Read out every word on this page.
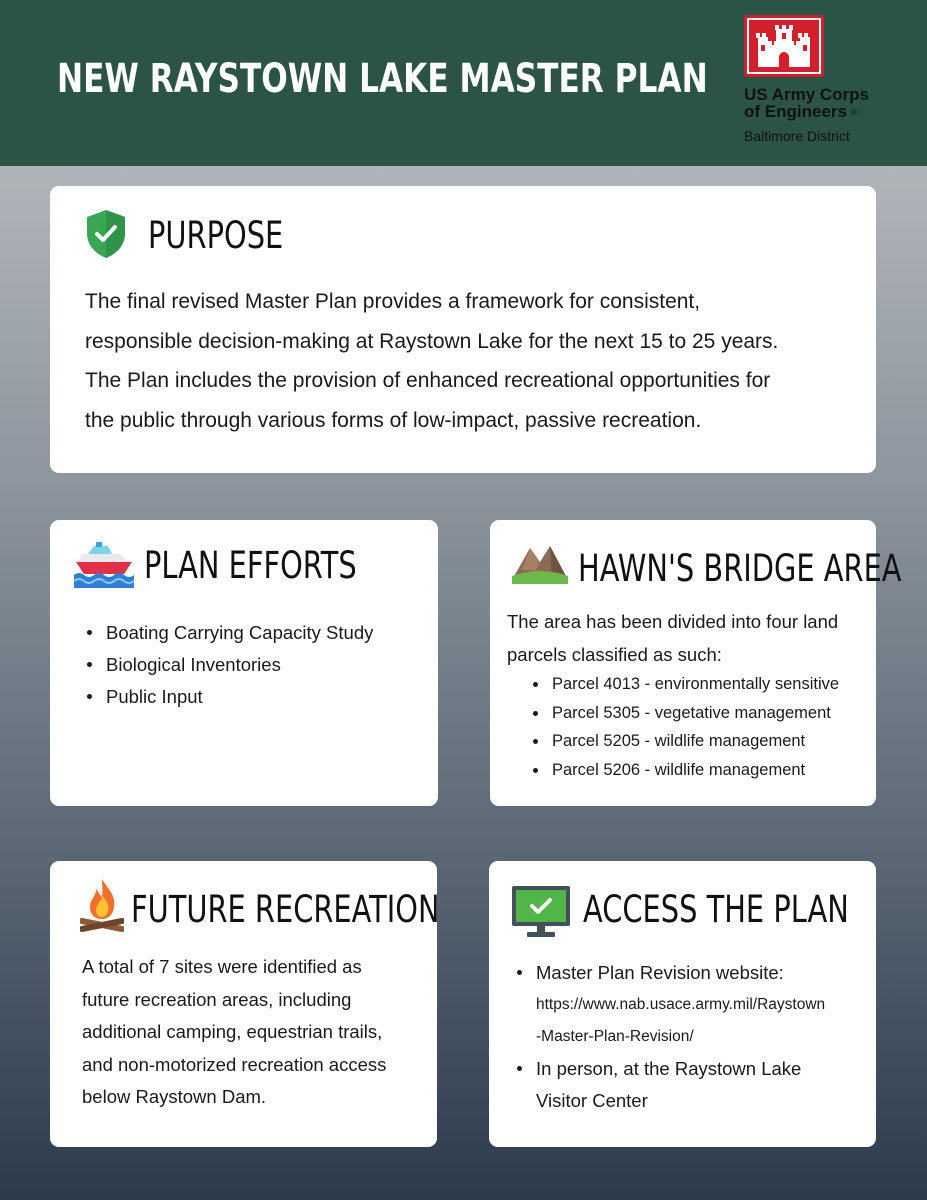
NEW RAYSTOWN LAKE MASTER PLAN US Army Corps
of Engineers ®
Baltimore District
PURPOSE
The final revised Master Plan provides a framework for consistent,
responsible decision-making at Raystown Lake for the next 15 to 25 years.
The Plan includes the provision of enhanced recreational opportunities for
the public through various forms of low-impact, passive recreation.
PLAN EFFORTS
Boating Carrying Capacity Study
Biological Inventories
Public Input
HAWN'S BRIDGE AREA
The area has been divided into four land
parcels classified as such:
Parcel 4013 - environmentally sensitive
Parcel 5305 - vegetative management
Parcel 5205 - wildlife management
Parcel 5206 - wildlife management
FUTURE RECREATION
A total of 7 sites were identified as
future recreation areas, including
additional camping, equestrian trails,
and non-motorized recreation access
below Raystown Dam.
ACCESS THE PLAN
Master Plan Revision website:
https://www.nab.usace.army.mil/Raystown
-Master-Plan-Revision/
In person, at the Raystown Lake
Visitor Center
